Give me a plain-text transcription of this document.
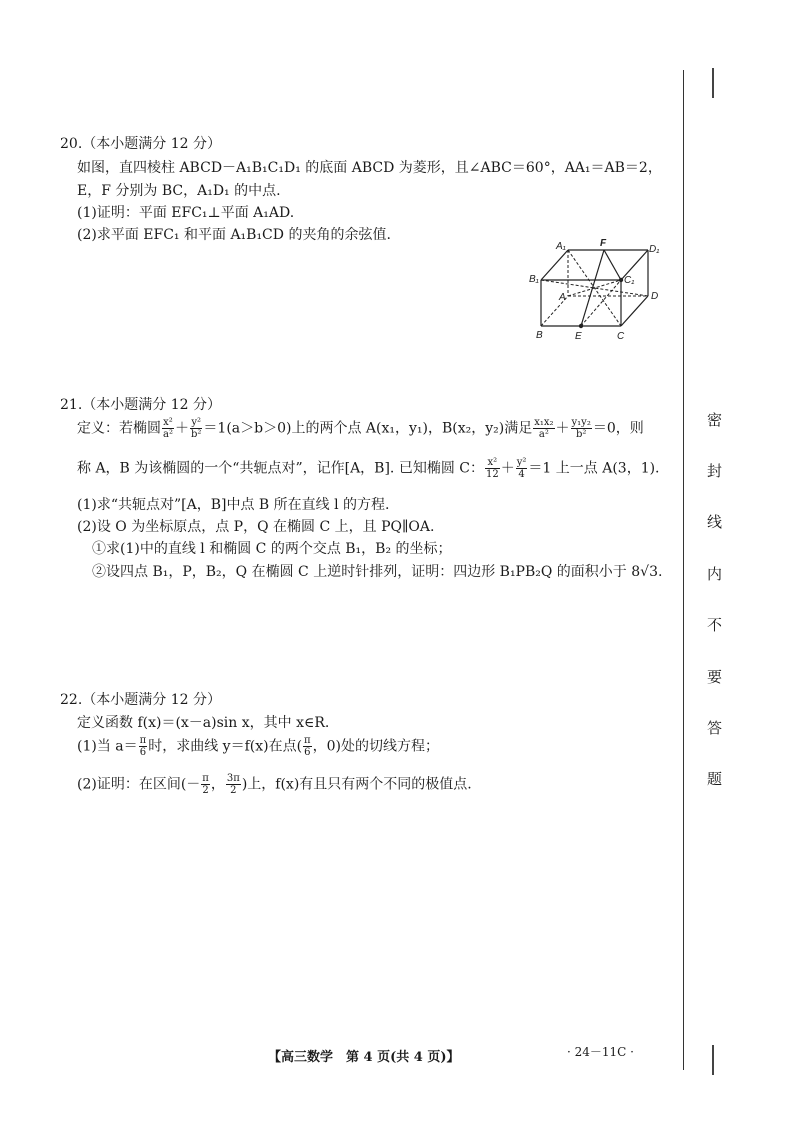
20.（本小题满分 12 分）
如图，直四棱柱 ABCD－A₁B₁C₁D₁ 的底面 ABCD 为菱形，且∠ABC＝60°，AA₁＝AB＝2，
E，F 分别为 BC，A₁D₁ 的中点.
(1)证明：平面 EFC₁⊥平面 A₁AD.
(2)求平面 EFC₁ 和平面 A₁B₁CD 的夹角的余弦值.
A₁	F
D₁
B₁	C₁
A	D
B	E	C
21.（本小题满分 12 分）
定义：若椭圆 $\frac{\text{x²}}{\text{a²}} + \frac{\text{y²}}{\text{b²}} =1(a>b>0)$上的两个点 A(x₁，y₁)，B(x₂，y₂)满足 $\frac{\text{x₁x₂}}{\text{a²}} + \frac{\text{y₁y₂}}{\text{b²}} =0$，则
称 A，B 为该椭圆的一个“共轭点对”，记作[A，B]. 已知椭圆 C： $\frac{\text{x²}}{12} + \frac{\text{y²}}{4} =1$ 上一点 A(3，1).
(1)求“共轭点对”[A，B]中点 B 所在直线 l 的方程.
(2)设 O 为坐标原点，点 P，Q 在椭圆 C 上，且 PQ∥OA.
①求(1)中的直线 l 和椭圆 C 的两个交点 B₁，B₂ 的坐标；
②设四点 B₁，P，B₂，Q 在椭圆 C 上逆时针排列，证明：四边形 B₁PB₂Q 的面积小于 8√3.
22.（本小题满分 12 分）
定义函数 f(x)＝(x－a)sin x，其中 x∈R.
(1)当 $a= \frac{\pi}{6}$ 时，求曲线 y＝f(x)在点( $\frac{\pi}{6}$ ，0)处的切线方程；
(2)证明：在区间(－ $\frac{\pi}{2}$ ， $\frac{3\pi}{2}$ )上，f(x)有且只有两个不同的极值点.
密
封
线
内
不
要
答
题
【高三数学　第 4 页(共 4 页)】	· 24－11C ·
